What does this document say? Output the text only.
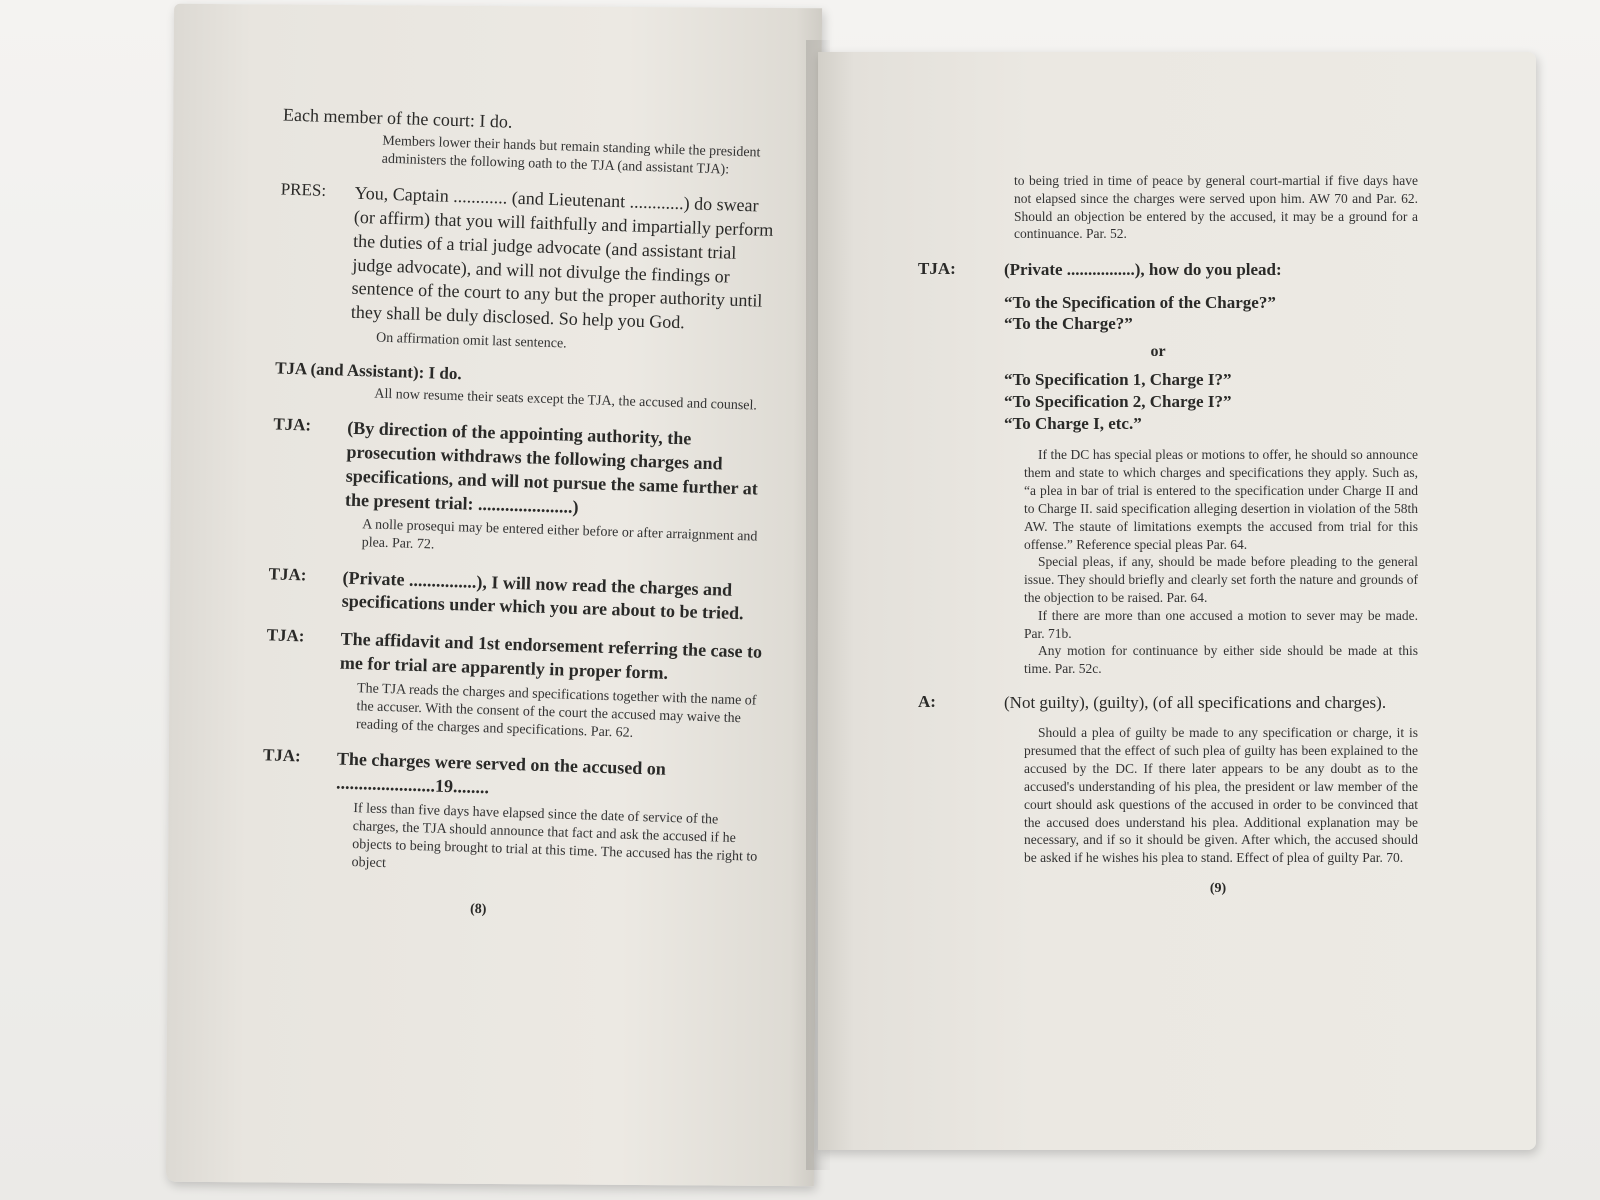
Each member of the court: I do.

Members lower their hands but remain standing while the president administers the following oath to the TJA (and assistant TJA):

PRES:	You, Captain ............ (and Lieutenant ............) do swear (or affirm) that you will faithfully and impartially perform the duties of a trial judge advocate (and assistant trial judge advocate), and will not divulge the findings or sentence of the court to any but the proper authority until they shall be duly disclosed. So help you God.

On affirmation omit last sentence.

TJA (and Assistant): I do.

All now resume their seats except the TJA, the accused and counsel.

TJA:	(By direction of the appointing authority, the prosecution withdraws the following charges and specifications, and will not pursue the same further at the present trial: .....................)

A nolle prosequi may be entered either before or after arraignment and plea. Par. 72.

TJA:	(Private ...............), I will now read the charges and specifications under which you are about to be tried.
TJA:	The affidavit and 1st endorsement referring the case to me for trial are apparently in proper form.

The TJA reads the charges and specifications together with the name of the accuser. With the consent of the court the accused may waive the reading of the charges and specifications. Par. 62.

TJA:	The charges were served on the accused on ......................19........

If less than five days have elapsed since the date of service of the charges, the TJA should announce that fact and ask the accused if he objects to being brought to trial at this time. The accused has the right to object

(8)

to being tried in time of peace by general court-martial if five days have not elapsed since the charges were served upon him. AW 70 and Par. 62. Should an objection be entered by the accused, it may be a ground for a continuance. Par. 52.

TJA:	(Private ................), how do you plead:

“To the Specification of the Charge?”

“To the Charge?”

or

“To Specification 1, Charge I?”

“To Specification 2, Charge I?”

“To Charge I, etc.”

If the DC has special pleas or motions to offer, he should so announce them and state to which charges and specifications they apply. Such as, “a plea in bar of trial is entered to the specification under Charge II and to Charge II. said specification alleging desertion in violation of the 58th AW. The staute of limitations exempts the accused from trial for this offense.” Reference special pleas Par. 64.

Special pleas, if any, should be made before pleading to the general issue. They should briefly and clearly set forth the nature and grounds of the objection to be raised. Par. 64.

If there are more than one accused a motion to sever may be made. Par. 71b.

Any motion for continuance by either side should be made at this time. Par. 52c.

A:	(Not guilty), (guilty), (of all specifications and charges).

Should a plea of guilty be made to any specification or charge, it is presumed that the effect of such plea of guilty has been explained to the accused by the DC. If there later appears to be any doubt as to the accused's understanding of his plea, the president or law member of the court should ask questions of the accused in order to be convinced that the accused does understand his plea. Additional explanation may be necessary, and if so it should be given. After which, the accused should be asked if he wishes his plea to stand. Effect of plea of guilty Par. 70.

(9)
